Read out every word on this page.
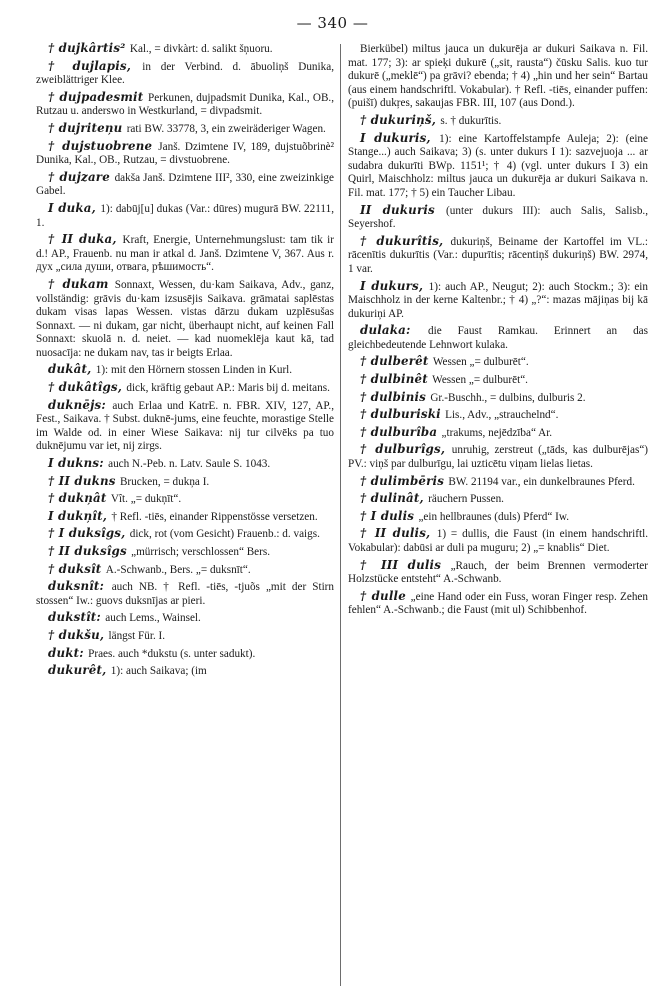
— 340 —

† dujkârtis² Kal., = divkàrt: d. salikt šņuoru.

† dujlapis, in der Verbind. d. ābuoliņš Dunika, zweiblättriger Klee.

† dujpadesmit Perkunen, dujpadsmit Dunika, Kal., OB., Rutzau u. anderswo in Westkurland, = divpadsmit.

† dujriteņu rati BW. 33778, 3, ein zweiräderiger Wagen.

† dujstuobrene Janš. Dzimtene IV, 189, dujstuõbrinè² Dunika, Kal., OB., Rutzau, = divstuobrene.

† dujzare dakša Janš. Dzimtene III², 330, eine zweizinkige Gabel.

I duka, 1): dabūj[u] dukas (Var.: dūres) mugurā BW. 22111, 1.

† II duka, Kraft, Energie, Unternehmungslust: tam tik ir d.! AP., Frauenb. nu man ir atkal d. Janš. Dzimtene V, 367. Aus r. дух „сила души, отвага, рѣшимость“.

† dukam Sonnaxt, Wessen, du·kam Saikava, Adv., ganz, vollständig: grāvis du·kam izsusējis Saikava. grāmatai saplēstas dukam visas lapas Wessen. vistas dārzu dukam uzplēsušas Sonnaxt. — ni dukam, gar nicht, überhaupt nicht, auf keinen Fall Sonnaxt: skuolā n. d. neiet. — kad nuomeklēja kaut kā, tad nuosacīja: ne dukam nav, tas ir beigts Erlaa.

dukât, 1): mit den Hörnern stossen Linden in Kurl.

† dukâtîgs, dick, kräftig gebaut AP.: Maris bij d. meitans.

duknējs: auch Erlaa und KatrE. n. FBR. XIV, 127, AP., Fest., Saikava. † Subst. duknē-jums, eine feuchte, morastige Stelle im Walde od. in einer Wiese Saikava: nij tur cilvēks pa tuo duknējumu var iet, nij zirgs.

I dukns: auch N.-Peb. n. Latv. Saule S. 1043.

† II dukns Brucken, = dukņa I.

† dukņât Vît. „= dukņīt“.

I dukņît, † Refl. -tiēs, einander Rippenstösse versetzen.

† I duksîgs, dick, rot (vom Gesicht) Frauenb.: d. vaigs.

† II duksîgs „mürrisch; verschlossen“ Bers.

† duksît A.-Schwanb., Bers. „= duksnīt“.

duksnît: auch NB. † Refl. -tiēs, -tjuõs „mit der Stirn stossen“ Iw.: guovs duksnījas ar pieri.

dukstît: auch Lems., Wainsel.

† dukšu, längst Für. I.

dukt: Praes. auch *dukstu (s. unter sadukt).

dukurêt, 1): auch Saikava; (im

Bierkübel) miltus jauca un dukurēja ar dukuri Saikava n. Fil. mat. 177; 3): ar spieķi dukurē („sit, rausta“) čūsku Salis. kuo tur dukurē („meklē“) pa grāvi? ebenda; † 4) „hin und her sein“ Bartau (aus einem handschriftl. Vokabular). † Refl. -tiēs, einander puffen: (puišī) dukŗes, sakaujas FBR. III, 107 (aus Dond.).

† dukuriņš, s. † dukurītis.

I dukuris, 1): eine Kartoffelstampfe Auleja; 2): (eine Stange...) auch Saikava; 3) (s. unter dukurs I 1): sazvejuoja ... ar sudabra dukurīti BWp. 1151¹; † 4) (vgl. unter dukurs I 3) ein Quirl, Maischholz: miltus jauca un dukurēja ar dukuri Saikava n. Fil. mat. 177; † 5) ein Taucher Libau.

II dukuris (unter dukurs III): auch Salis, Salisb., Seyershof.

† dukurîtis, dukuriņš, Beiname der Kartoffel im VL.: rācenītis dukurītis (Var.: dupurītis; rācentiņš dukuriņš) BW. 2974, 1 var.

I dukurs, 1): auch AP., Neugut; 2): auch Stockm.; 3): ein Maischholz in der kerne Kaltenbr.; † 4) „?“: mazas mājiņas bij kā dukuriņi AP.

dulaka: die Faust Ramkau. Erinnert an das gleichbedeutende Lehnwort kulaka.

† dulberêt Wessen „= dulburēt“.

† dulbinêt Wessen „= dulburēt“.

† dulbinis Gr.-Buschh., = dulbins, dulburis 2.

† dulburiski Lis., Adv., „strauchelnd“.

† dulburîba „trakums, nejēdzība“ Ar.

† dulburîgs, unruhig, zerstreut („tāds, kas dulburējas“) PV.: viņš par dulburīgu, lai uzticētu viņam lielas lietas.

† dulimbēris BW. 21194 var., ein dunkelbraunes Pferd.

† dulinât, räuchern Pussen.

† I dulis „ein hellbraunes (duls) Pferd“ Iw.

† II dulis, 1) = dullis, die Faust (in einem handschriftl. Vokabular): dabūsi ar duli pa muguru; 2) „= knablis“ Diet.

† III dulis „Rauch, der beim Brennen vermoderter Holzstücke entsteht“ A.-Schwanb.

† dulle „eine Hand oder ein Fuss, woran Finger resp. Zehen fehlen“ A.-Schwanb.; die Faust (mit ul) Schibbenhof.
